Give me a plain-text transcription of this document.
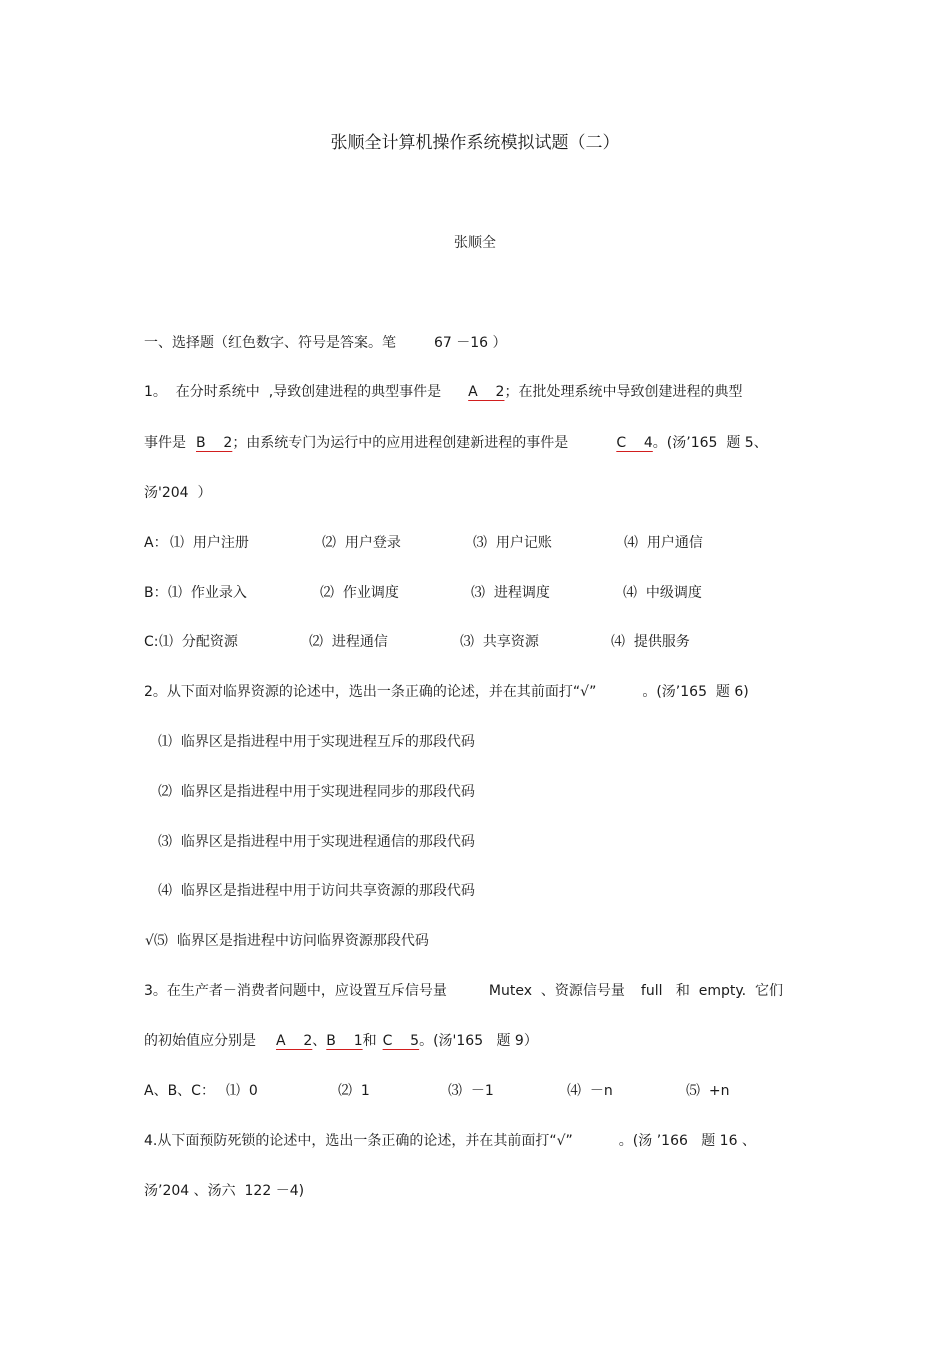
张顺全计算机操作系统模拟试题（二）
张顺全
一、选择题（红色数字、符号是答案。笔	67 －16 ）
1。  在分时系统中  ,导致创建进程的典型事件是 A    2；在批处理系统中导致创建进程的典型
事件是 B    2；由系统专门为运行中的应用进程创建新进程的事件是	C    4。(汤’165  题 5、
汤'204  ）
A： ⑴  用户注册	⑵  用户登录	⑶  用户记账	⑷  用户通信
B： ⑴  作业录入	⑵  作业调度	⑶  进程调度	⑷  中级调度
C: ⑴  分配资源	⑵  进程通信	⑶  共享资源	⑷  提供服务
2。从下面对临界资源的论述中，选出一条正确的论述，并在其前面打“√”	。(汤’165  题 6)
⑴  临界区是指进程中用于实现进程互斥的那段代码
⑵  临界区是指进程中用于实现进程同步的那段代码
⑶  临界区是指进程中用于实现进程通信的那段代码
⑷  临界区是指进程中用于访问共享资源的那段代码
√⑸  临界区是指进程中访问临界资源那段代码
3。在生产者－消费者问题中，应设置互斥信号量	Mutex  、资源信号量 full   和  empty.  它们
的初始值应分别是 A    2、B    1和 C    5。(汤'165   题 9）
A、B、C： ⑴  0	⑵  1	⑶  －1	⑷  －n	⑸  +n
4.从下面预防死锁的论述中，选出一条正确的论述，并在其前面打“√”	。(汤 ’166   题 16 、
汤’204 、汤六  122 －4)
